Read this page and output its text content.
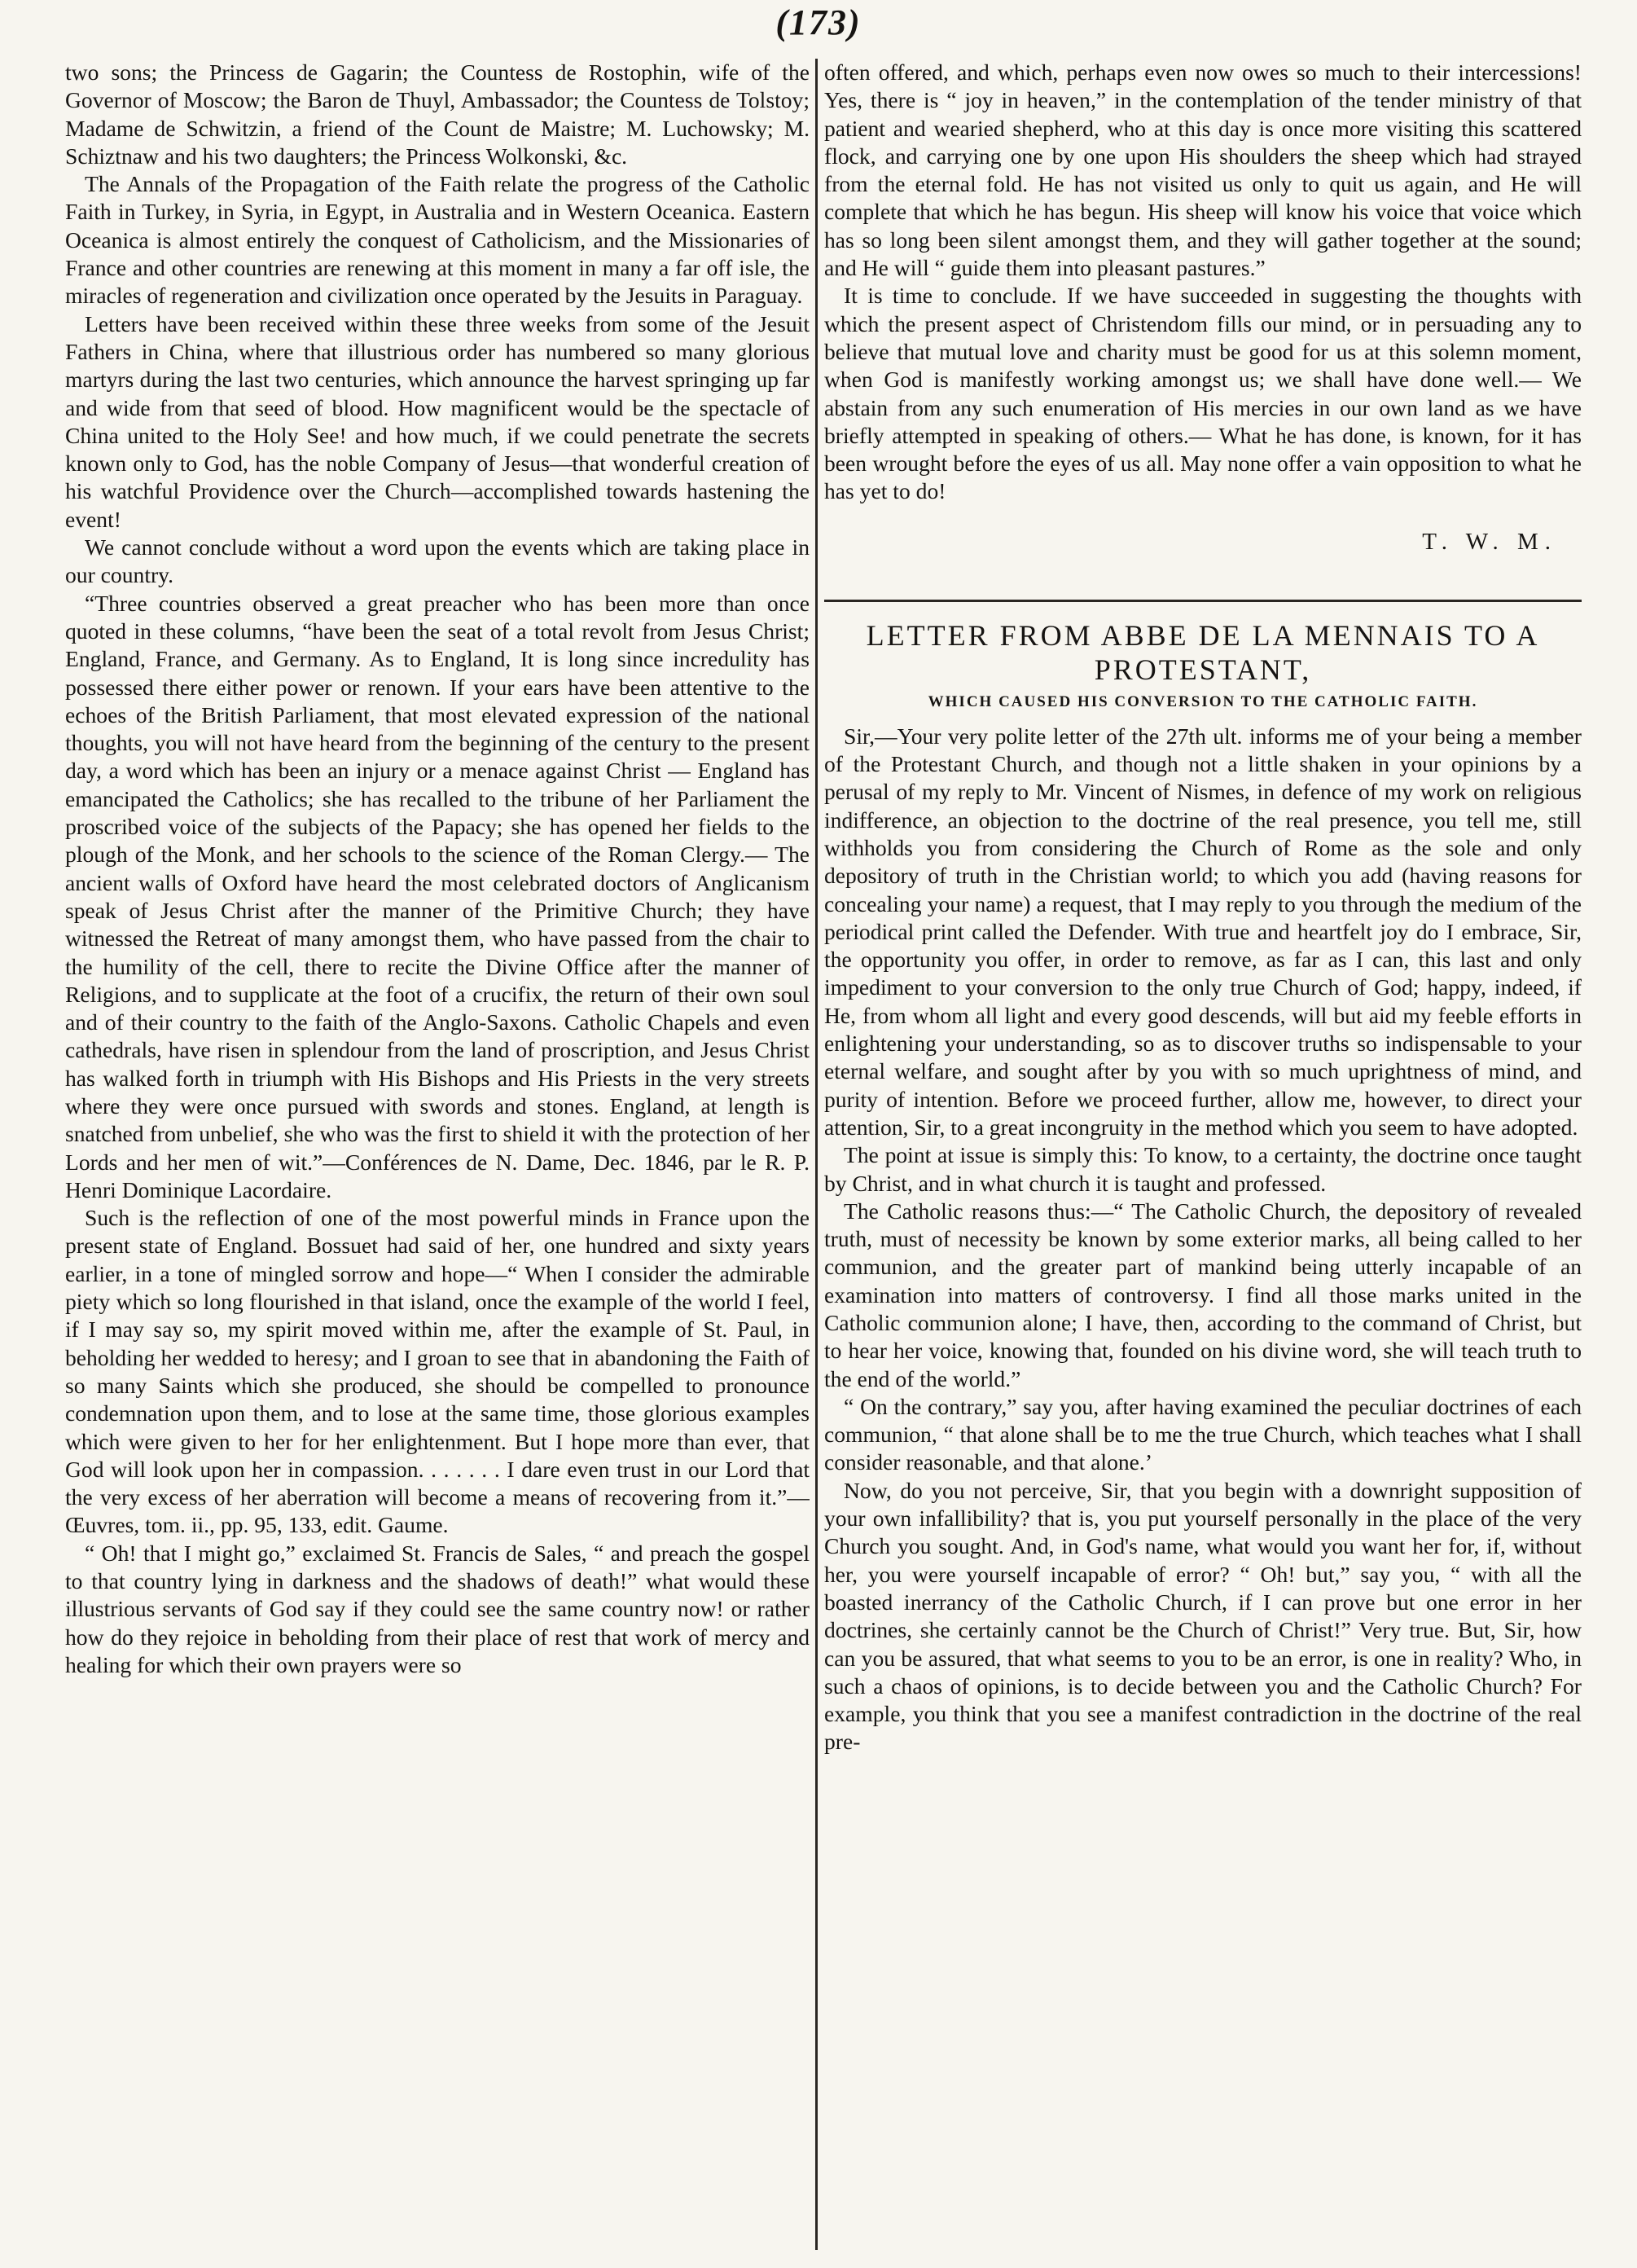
(173)

two sons; the Princess de Gagarin; the Countess de Rostophin, wife of the Governor of Moscow; the Baron de Thuyl, Ambassador; the Countess de Tolstoy; Madame de Schwitzin, a friend of the Count de Maistre; M. Luchowsky; M. Schiztnaw and his two daughters; the Princess Wolkonski, &c.

The Annals of the Propagation of the Faith relate the progress of the Catholic Faith in Turkey, in Syria, in Egypt, in Australia and in Western Oceanica. Eastern Oceanica is almost entirely the conquest of Catholicism, and the Missionaries of France and other countries are renewing at this moment in many a far off isle, the miracles of regeneration and civilization once operated by the Jesuits in Paraguay.

Letters have been received within these three weeks from some of the Jesuit Fathers in China, where that illustrious order has numbered so many glorious martyrs during the last two centuries, which announce the harvest springing up far and wide from that seed of blood. How magnificent would be the spectacle of China united to the Holy See! and how much, if we could penetrate the secrets known only to God, has the noble Company of Jesus—that wonderful creation of his watchful Providence over the Church—accomplished towards hastening the event!

We cannot conclude without a word upon the events which are taking place in our country.

“Three countries observed a great preacher who has been more than once quoted in these columns, “have been the seat of a total revolt from Jesus Christ; England, France, and Germany. As to England, It is long since incredulity has possessed there either power or renown. If your ears have been attentive to the echoes of the British Parliament, that most elevated expression of the national thoughts, you will not have heard from the beginning of the century to the present day, a word which has been an injury or a menace against Christ — England has emancipated the Catholics; she has recalled to the tribune of her Parliament the proscribed voice of the subjects of the Papacy; she has opened her fields to the plough of the Monk, and her schools to the science of the Roman Clergy.— The ancient walls of Oxford have heard the most celebrated doctors of Anglicanism speak of Jesus Christ after the manner of the Primitive Church; they have witnessed the Retreat of many amongst them, who have passed from the chair to the humility of the cell, there to recite the Divine Office after the manner of Religions, and to supplicate at the foot of a crucifix, the return of their own soul and of their country to the faith of the Anglo-Saxons. Catholic Chapels and even cathedrals, have risen in splendour from the land of proscription, and Jesus Christ has walked forth in triumph with His Bishops and His Priests in the very streets where they were once pursued with swords and stones. England, at length is snatched from unbelief, she who was the first to shield it with the protection of her Lords and her men of wit.”—Conférences de N. Dame, Dec. 1846, par le R. P. Henri Dominique Lacordaire.

Such is the reflection of one of the most powerful minds in France upon the present state of England. Bossuet had said of her, one hundred and sixty years earlier, in a tone of mingled sorrow and hope—“ When I consider the admirable piety which so long flourished in that island, once the example of the world I feel, if I may say so, my spirit moved within me, after the example of St. Paul, in beholding her wedded to heresy; and I groan to see that in abandoning the Faith of so many Saints which she produced, she should be compelled to pronounce condemnation upon them, and to lose at the same time, those glorious examples which were given to her for her enlightenment. But I hope more than ever, that God will look upon her in compassion. . . . . . . I dare even trust in our Lord that the very excess of her aberration will become a means of recovering from it.”—Œuvres, tom. ii., pp. 95, 133, edit. Gaume.

“ Oh! that I might go,” exclaimed St. Francis de Sales, “ and preach the gospel to that country lying in darkness and the shadows of death!” what would these illustrious servants of God say if they could see the same country now! or rather how do they rejoice in beholding from their place of rest that work of mercy and healing for which their own prayers were so

often offered, and which, perhaps even now owes so much to their intercessions! Yes, there is “ joy in heaven,” in the contemplation of the tender ministry of that patient and wearied shepherd, who at this day is once more visiting this scattered flock, and carrying one by one upon His shoulders the sheep which had strayed from the eternal fold. He has not visited us only to quit us again, and He will complete that which he has begun. His sheep will know his voice that voice which has so long been silent amongst them, and they will gather together at the sound; and He will “ guide them into pleasant pastures.”

It is time to conclude. If we have succeeded in suggesting the thoughts with which the present aspect of Christendom fills our mind, or in persuading any to believe that mutual love and charity must be good for us at this solemn moment, when God is manifestly working amongst us; we shall have done well.— We abstain from any such enumeration of His mercies in our own land as we have briefly attempted in speaking of others.— What he has done, is known, for it has been wrought before the eyes of us all. May none offer a vain opposition to what he has yet to do!

T. W. M.
LETTER FROM ABBE DE LA MENNAIS TO A PROTESTANT,
WHICH CAUSED HIS CONVERSION TO THE CATHOLIC FAITH.

Sir,—Your very polite letter of the 27th ult. informs me of your being a member of the Protestant Church, and though not a little shaken in your opinions by a perusal of my reply to Mr. Vincent of Nismes, in defence of my work on religious indifference, an objection to the doctrine of the real presence, you tell me, still withholds you from considering the Church of Rome as the sole and only depository of truth in the Christian world; to which you add (having reasons for concealing your name) a request, that I may reply to you through the medium of the periodical print called the Defender. With true and heartfelt joy do I embrace, Sir, the opportunity you offer, in order to remove, as far as I can, this last and only impediment to your conversion to the only true Church of God; happy, indeed, if He, from whom all light and every good descends, will but aid my feeble efforts in enlightening your understanding, so as to discover truths so indispensable to your eternal welfare, and sought after by you with so much uprightness of mind, and purity of intention. Before we proceed further, allow me, however, to direct your attention, Sir, to a great incongruity in the method which you seem to have adopted.

The point at issue is simply this: To know, to a certainty, the doctrine once taught by Christ, and in what church it is taught and professed.

The Catholic reasons thus:—“ The Catholic Church, the depository of revealed truth, must of necessity be known by some exterior marks, all being called to her communion, and the greater part of mankind being utterly incapable of an examination into matters of controversy. I find all those marks united in the Catholic communion alone; I have, then, according to the command of Christ, but to hear her voice, knowing that, founded on his divine word, she will teach truth to the end of the world.”

“ On the contrary,” say you, after having examined the peculiar doctrines of each communion, “ that alone shall be to me the true Church, which teaches what I shall consider reasonable, and that alone.’

Now, do you not perceive, Sir, that you begin with a downright supposition of your own infallibility? that is, you put yourself personally in the place of the very Church you sought. And, in God's name, what would you want her for, if, without her, you were yourself incapable of error? “ Oh! but,” say you, “ with all the boasted inerrancy of the Catholic Church, if I can prove but one error in her doctrines, she certainly cannot be the Church of Christ!” Very true. But, Sir, how can you be assured, that what seems to you to be an error, is one in reality? Who, in such a chaos of opinions, is to decide between you and the Catholic Church? For example, you think that you see a manifest contradiction in the doctrine of the real pre-
